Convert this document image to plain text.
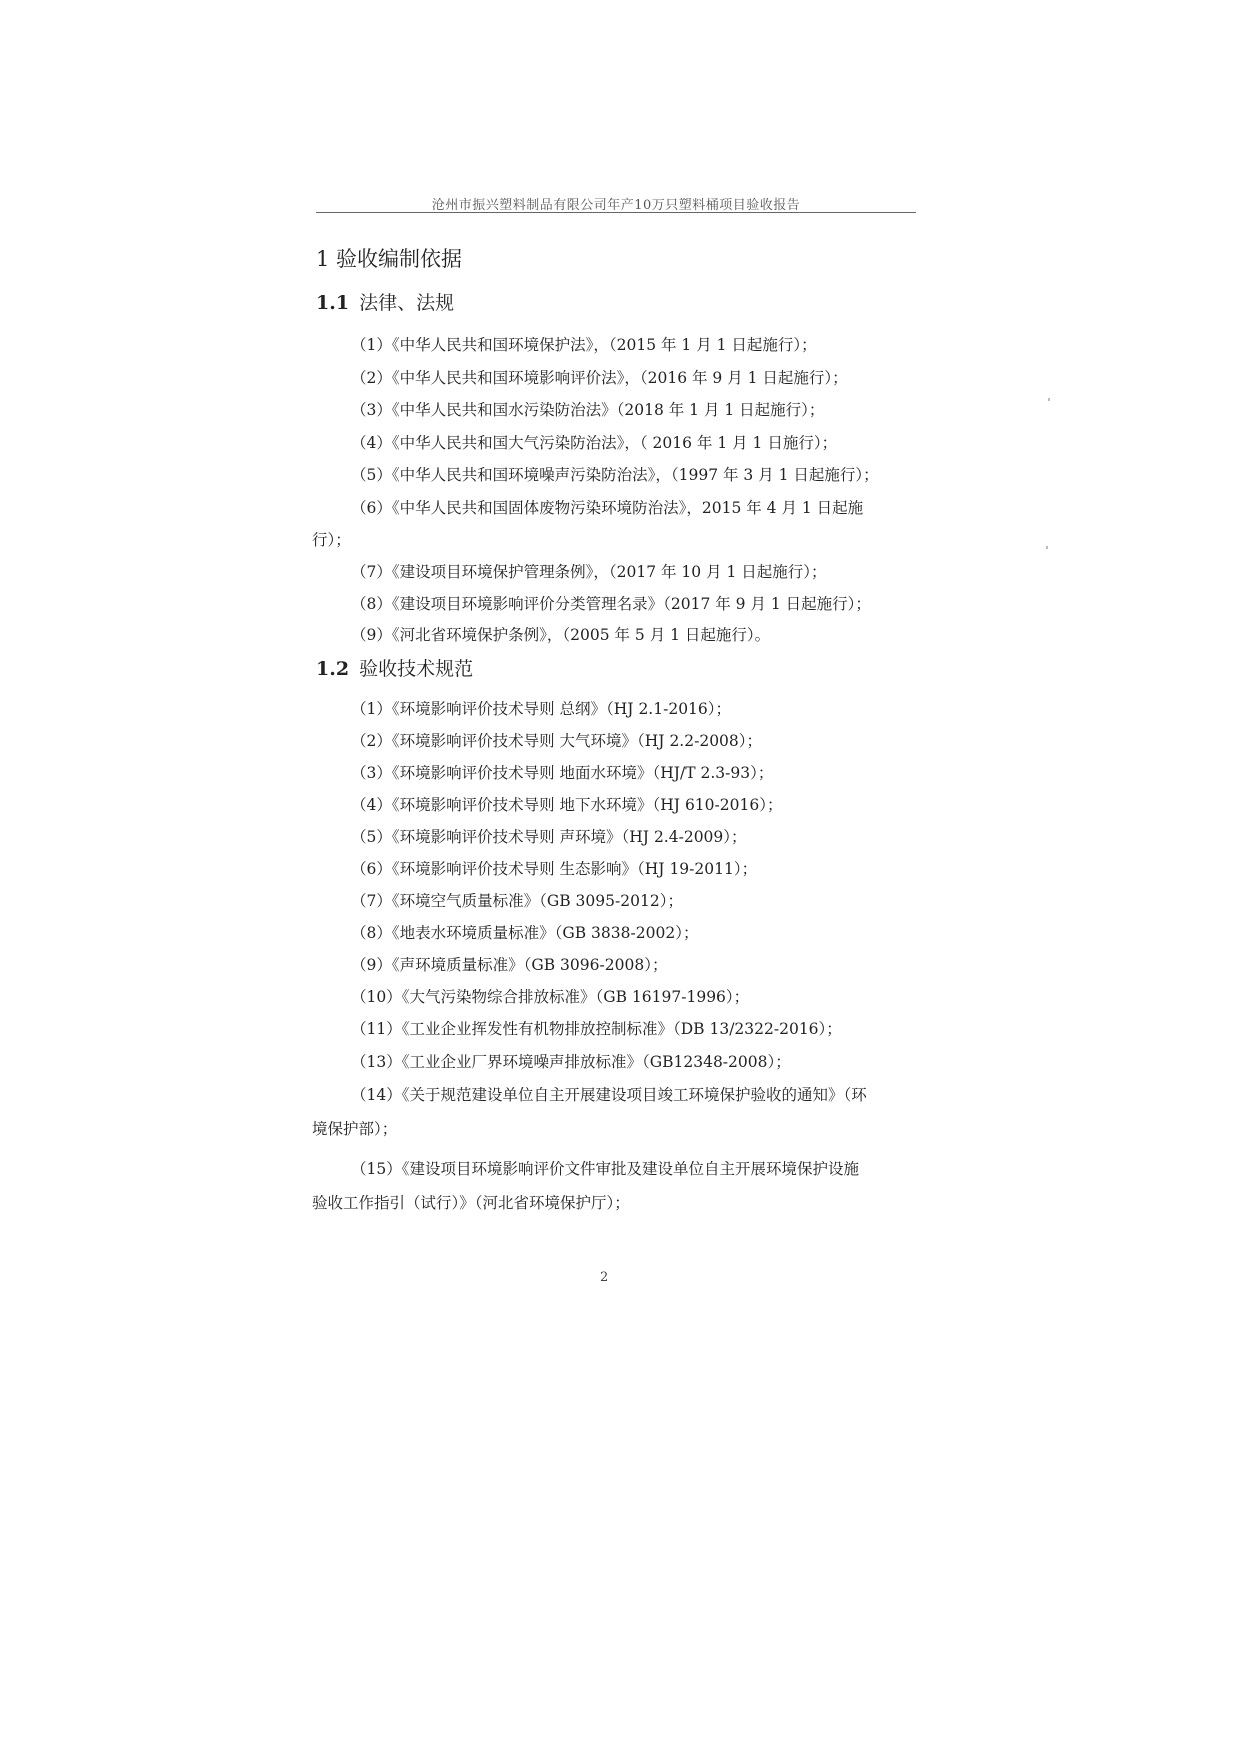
沧州市振兴塑料制品有限公司年产10万只塑料桶项目验收报告
1 验收编制依据
1.1 法律、法规
（1）《中华人民共和国环境保护法》，（2015 年 1 月 1 日起施行）；
（2）《中华人民共和国环境影响评价法》，（2016 年 9 月 1 日起施行）；
（3）《中华人民共和国水污染防治法》（2018 年 1 月 1 日起施行）；
（4）《中华人民共和国大气污染防治法》，（ 2016 年 1 月 1 日施行）；
（5）《中华人民共和国环境噪声污染防治法》，（1997 年 3 月 1 日起施行）；
（6）《中华人民共和国固体废物污染环境防治法》，2015 年 4 月 1 日起施
行）；
（7）《建设项目环境保护管理条例》，（2017 年 10 月 1 日起施行）；
（8）《建设项目环境影响评价分类管理名录》（2017 年 9 月 1 日起施行）；
（9）《河北省环境保护条例》，（2005 年 5 月 1 日起施行）。
1.2 验收技术规范
（1）《环境影响评价技术导则 总纲》（HJ 2.1-2016）；
（2）《环境影响评价技术导则 大气环境》（HJ 2.2-2008）；
（3）《环境影响评价技术导则 地面水环境》（HJ/T 2.3-93）；
（4）《环境影响评价技术导则 地下水环境》（HJ 610-2016）；
（5）《环境影响评价技术导则 声环境》（HJ 2.4-2009）；
（6）《环境影响评价技术导则 生态影响》（HJ 19-2011）；
（7）《环境空气质量标准》（GB 3095-2012）；
（8）《地表水环境质量标准》（GB 3838-2002）；
（9）《声环境质量标准》（GB 3096-2008）；
（10）《大气污染物综合排放标准》（GB 16197-1996）；
（11）《工业企业挥发性有机物排放控制标准》（DB 13/2322-2016）；
（13）《工业企业厂界环境噪声排放标准》（GB12348-2008）；
（14）《关于规范建设单位自主开展建设项目竣工环境保护验收的通知》（环
境保护部）；
（15）《建设项目环境影响评价文件审批及建设单位自主开展环境保护设施
验收工作指引（试行）》（河北省环境保护厅）；
2
